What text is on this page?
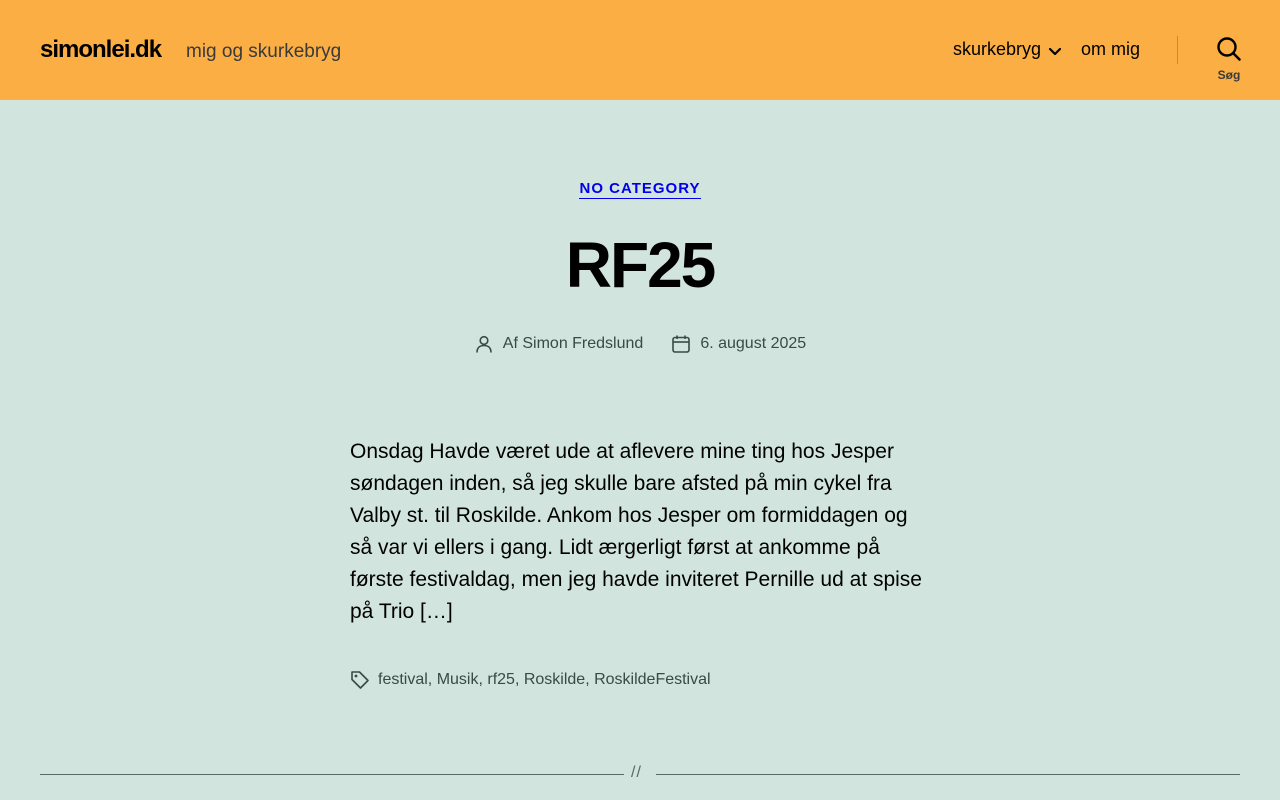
simonlei.dk mig og skurkebryg	skurkebryg om mig
Søg
NO CATEGORY
RF25
Af Simon Fredslund	6. august 2025

Onsdag Havde været ude at aflevere mine ting hos Jesper søndagen inden, så jeg skulle bare afsted på min cykel fra Valby st. til Roskilde. Ankom hos Jesper om formiddagen og så var vi ellers i gang. Lidt ærgerligt først at ankomme på første festivaldag, men jeg havde inviteret Pernille ud at spise på Trio […]

festival , Musik , rf25 , Roskilde , RoskildeFestival
//
